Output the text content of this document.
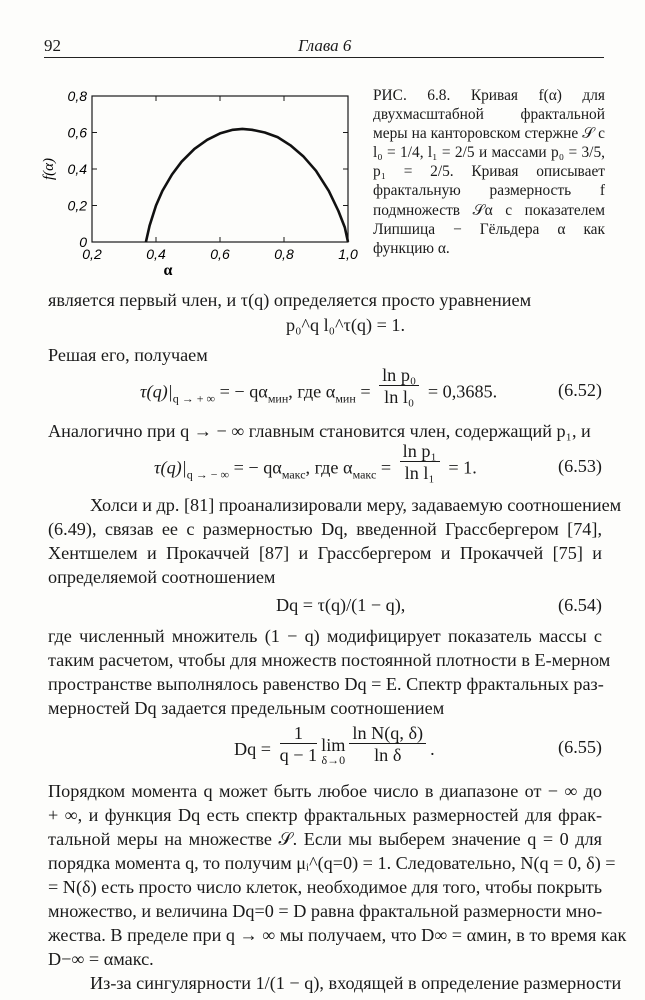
92	Глава 6
0,2	0,4	0,6	0,8	1,0
0
0,2
0,4
0,6
0,8
α
f(α)
РИС. 6.8. Кривая f(α) для двухмасштабной фрактальной меры на канторовском стержне 𝒮 с l₀ = 1/4, l₁ = 2/5 и массами p₀ = 3/5, p₁ = 2/5. Кривая описывает фрактальную размерность f подмножеств 𝒮α с показателем Липшица − Гёльдера α как функцию α.
является первый член, и τ(q) определяется просто уравнением
p₀^q l₀^τ(q) = 1.
Решая его, получаем
$\tau(q)|_{q \to + \infty}$ = − $q\alpha_{мин}$, где $\alpha_{мин} = \frac{\text{ln p₀}}{\text{ln l₀}} = 0,3685$.	(6.52)
Аналогично при q → − ∞ главным становится член, содержащий p₁, и
$\tau(q)|_{q \to - \infty}$ = − $q\alpha_{макс}$, где $\alpha_{макс} = \frac{\text{ln p₁}}{\text{ln l₁}} = 1$.	(6.53)
Холси и др. [81] проанализировали меру, задаваемую соотношением
(6.49), связав ее с размерностью Dq, введенной Грассбергером [74],
Хентшелем и Прокаччей [87] и Грассбергером и Прокаччей [75] и
определяемой соотношением
Dq = τ(q)/(1 − q),	(6.54)
где численный множитель (1 − q) модифицирует показатель массы с
таким расчетом, чтобы для множеств постоянной плотности в E-мерном
пространстве выполнялось равенство Dq = E. Спектр фрактальных раз-
мерностей Dq задается предельным соотношением
$Dq = \frac{1}{q - 1}$ lim
$\delta\to 0 \frac{\text{ln N(q, δ)}}{\text{ln δ}}$ .	(6.55)
Порядком момента q может быть любое число в диапазоне от − ∞ до
+ ∞, и функция Dq есть спектр фрактальных размерностей для фрак-
тальной меры на множестве 𝒮. Если мы выберем значение q = 0 для
порядка момента q, то получим μᵢ^(q=0) = 1. Следовательно, N(q = 0, δ) =
= N(δ) есть просто число клеток, необходимое для того, чтобы покрыть
множество, и величина Dq=0 = D равна фрактальной размерности мно-
жества. В пределе при q → ∞ мы получаем, что D∞ = αмин, в то время как
D−∞ = αмакс.
Из-за сингулярности 1/(1 − q), входящей в определение размерности
